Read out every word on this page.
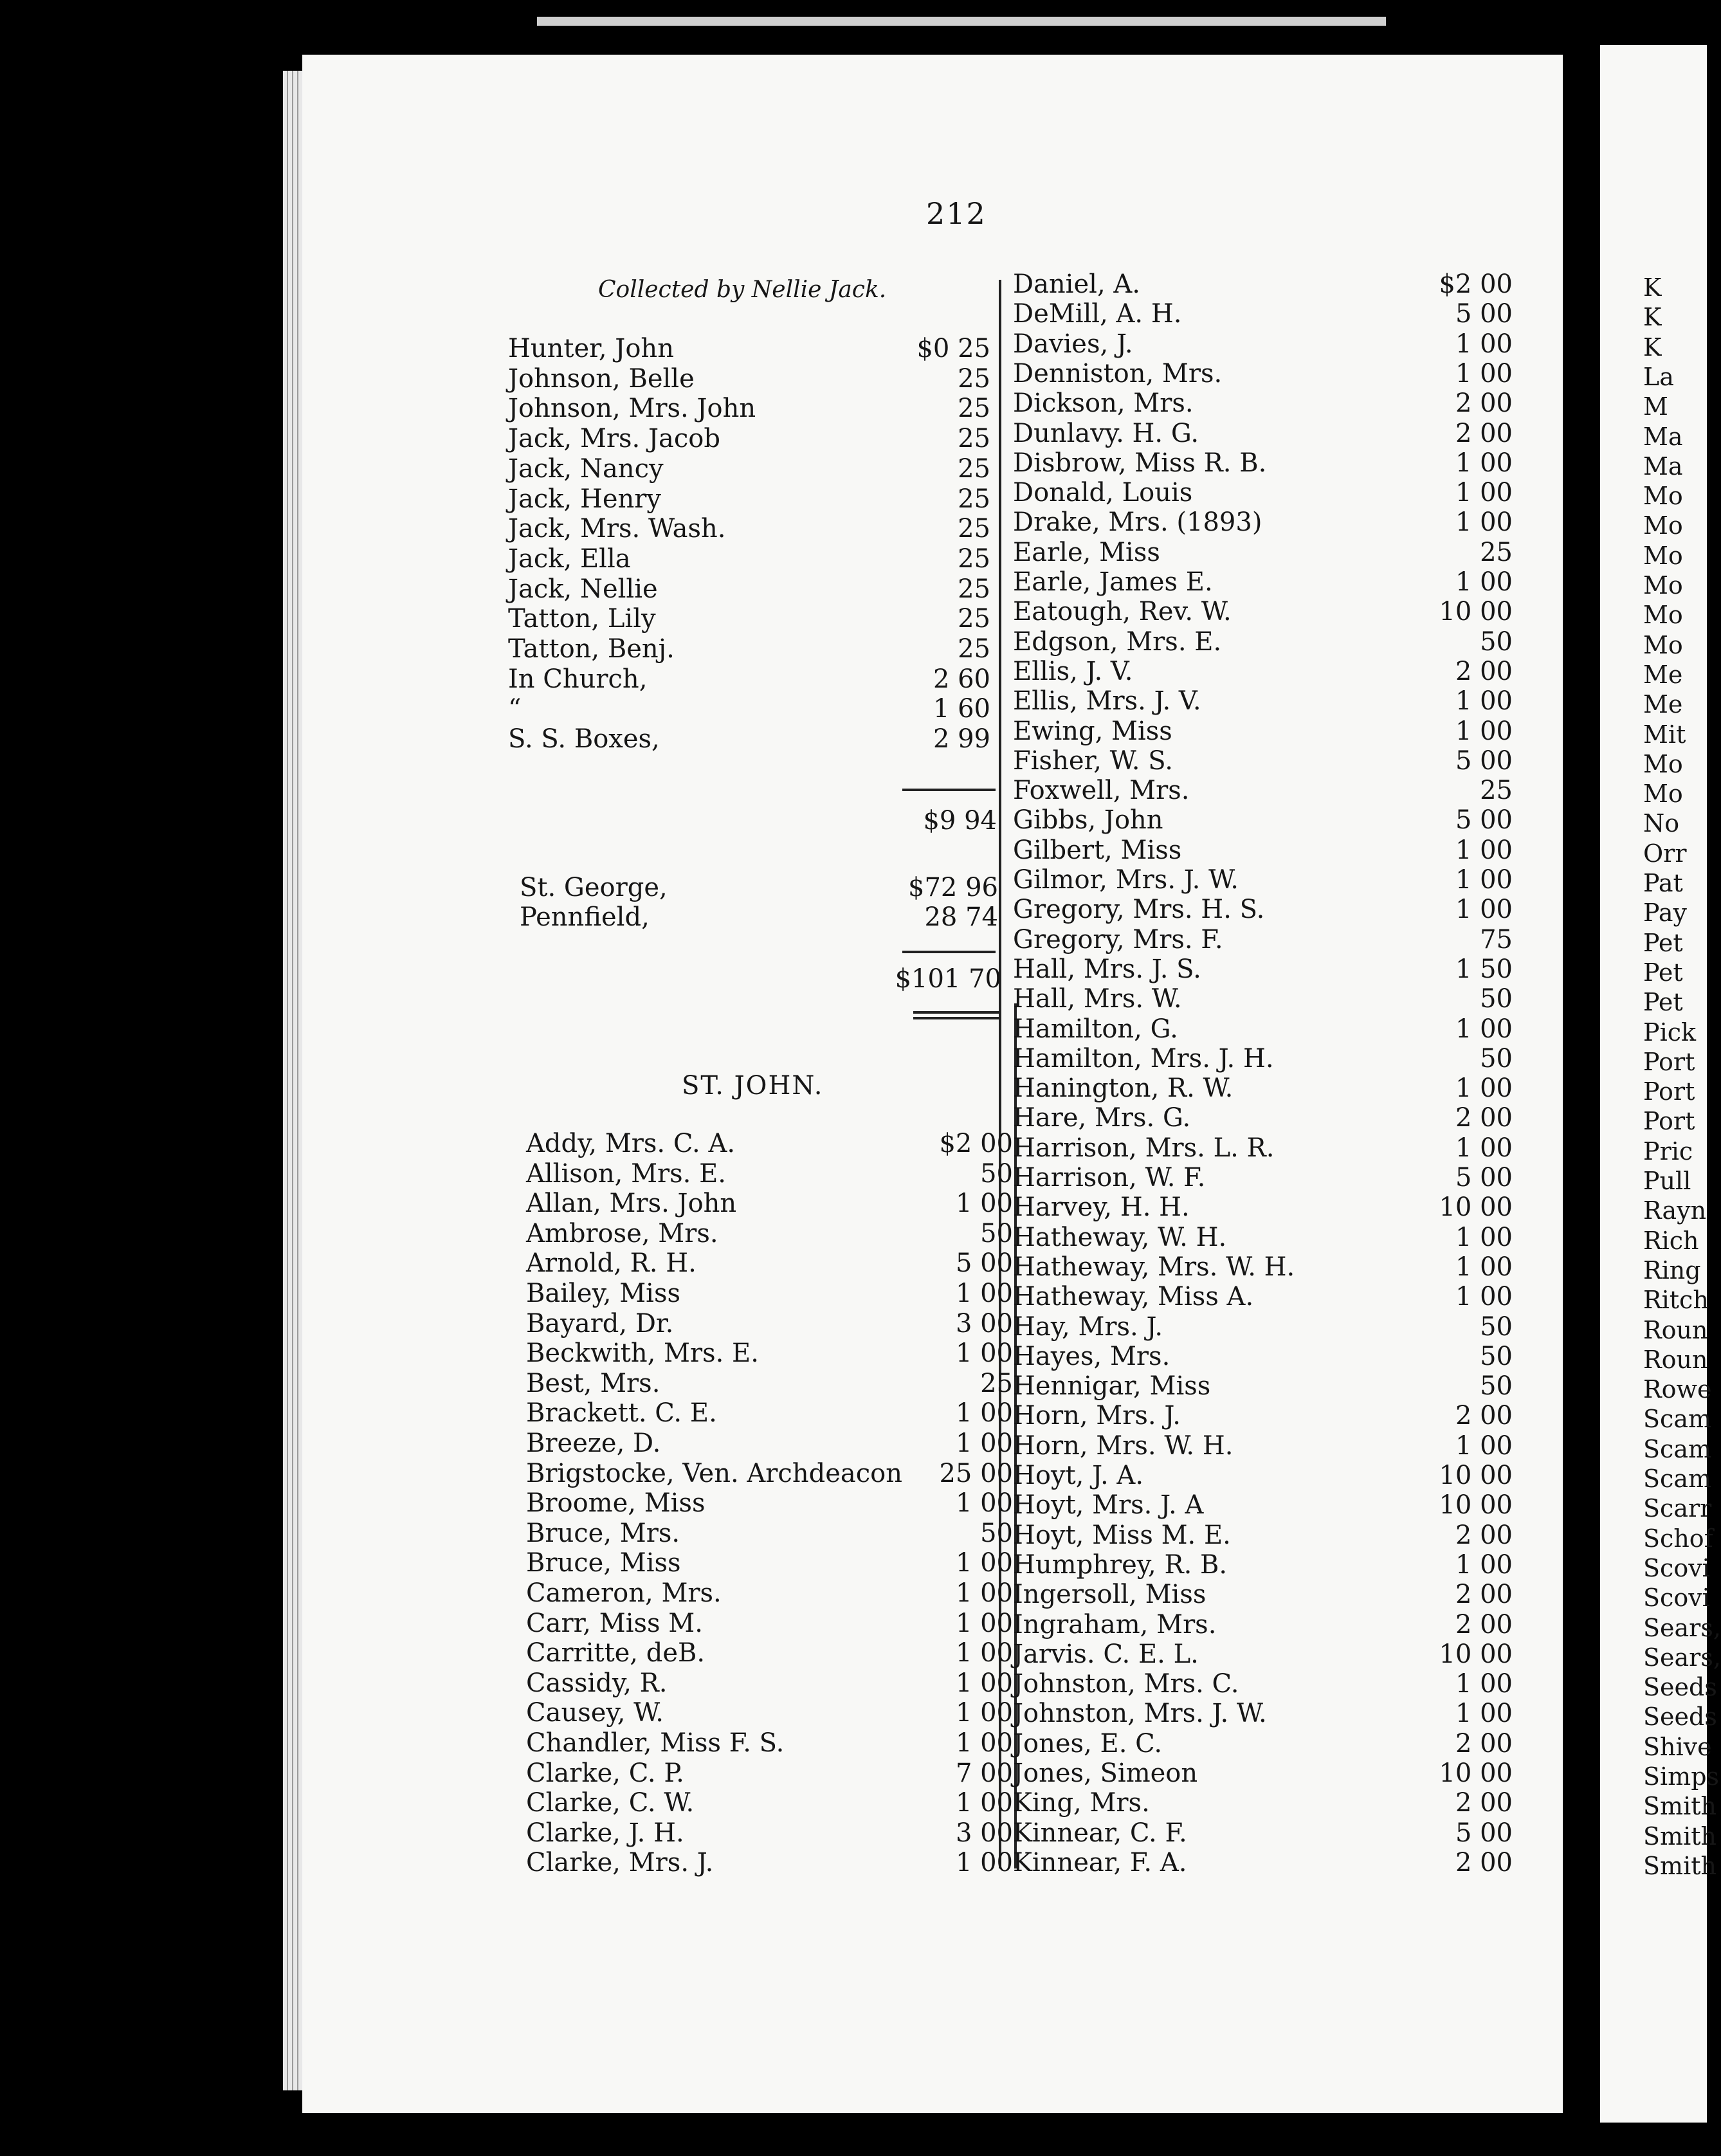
212
Collected by Nellie Jack.
Hunter, John	$0 25
Johnson, Belle	25
Johnson, Mrs. John	25
Jack, Mrs. Jacob	25
Jack, Nancy	25
Jack, Henry	25
Jack, Mrs. Wash.	25
Jack, Ella	25
Jack, Nellie	25
Tatton, Lily	25
Tatton, Benj.	25
In Church,	2 60
“	1 60
S. S. Boxes,	2 99
$9 94
St. George,	$72 96
Pennfield,	28 74
$101 70
ST. JOHN.
Addy, Mrs. C. A.	$2 00
Allison, Mrs. E.	50
Allan, Mrs. John	1 00
Ambrose, Mrs.	50
Arnold, R. H.	5 00
Bailey, Miss	1 00
Bayard, Dr.	3 00
Beckwith, Mrs. E.	1 00
Best, Mrs.	25
Brackett. C. E.	1 00
Breeze, D.	1 00
Brigstocke, Ven. Archdeacon 25 00
Broome, Miss	1 00
Bruce, Mrs.	50
Bruce, Miss	1 00
Cameron, Mrs.	1 00
Carr, Miss M.	1 00
Carritte, deB.	1 00
Cassidy, R.	1 00
Causey, W.	1 00
Chandler, Miss F. S.	1 00
Clarke, C. P.	7 00
Clarke, C. W.	1 00
Clarke, J. H.	3 00
Clarke, Mrs. J.	1 00
Daniel, A.	$2 00
DeMill, A. H.	5 00
Davies, J.	1 00
Denniston, Mrs.	1 00
Dickson, Mrs.	2 00
Dunlavy. H. G.	2 00
Disbrow, Miss R. B.	1 00
Donald, Louis	1 00
Drake, Mrs. (1893)	1 00
Earle, Miss	25
Earle, James E.	1 00
Eatough, Rev. W.	10 00
Edgson, Mrs. E.	50
Ellis, J. V.	2 00
Ellis, Mrs. J. V.	1 00
Ewing, Miss	1 00
Fisher, W. S.	5 00
Foxwell, Mrs.	25
Gibbs, John	5 00
Gilbert, Miss	1 00
Gilmor, Mrs. J. W.	1 00
Gregory, Mrs. H. S.	1 00
Gregory, Mrs. F.	75
Hall, Mrs. J. S.	1 50
Hall, Mrs. W.	50
Hamilton, G.	1 00
Hamilton, Mrs. J. H.	50
Hanington, R. W.	1 00
Hare, Mrs. G.	2 00
Harrison, Mrs. L. R.	1 00
Harrison, W. F.	5 00
Harvey, H. H.	10 00
Hatheway, W. H.	1 00
Hatheway, Mrs. W. H.	1 00
Hatheway, Miss A.	1 00
Hay, Mrs. J.	50
Hayes, Mrs.	50
Hennigar, Miss	50
Horn, Mrs. J.	2 00
Horn, Mrs. W. H.	1 00
Hoyt, J. A.	10 00
Hoyt, Mrs. J. A	10 00
Hoyt, Miss M. E.	2 00
Humphrey, R. B.	1 00
Ingersoll, Miss	2 00
Ingraham, Mrs.	2 00
Jarvis. C. E. L.	10 00
Johnston, Mrs. C.	1 00
Johnston, Mrs. J. W.	1 00
Jones, E. C.	2 00
Jones, Simeon	10 00
King, Mrs.	2 00
Kinnear, C. F.	5 00
Kinnear, F. A.	2 00
K
K
K
La
M
Ma
Ma
Mo
Mo
Mo
Mo
Mo
Mo
Me
Me
Mit
Mo
Mo
No
Orr
Pat
Pay
Pet
Pet
Pet
Pick
Port
Port
Port
Pric
Pull
Rayn
Rich
Ring
Ritch
Roun
Roun
Rowe
Scam
Scam
Scam
Scarr
Schof
Scovi
Scovi
Sears,
Sears,
Seeds
Seeds
Shive
Simps
Smith
Smith
Smith
